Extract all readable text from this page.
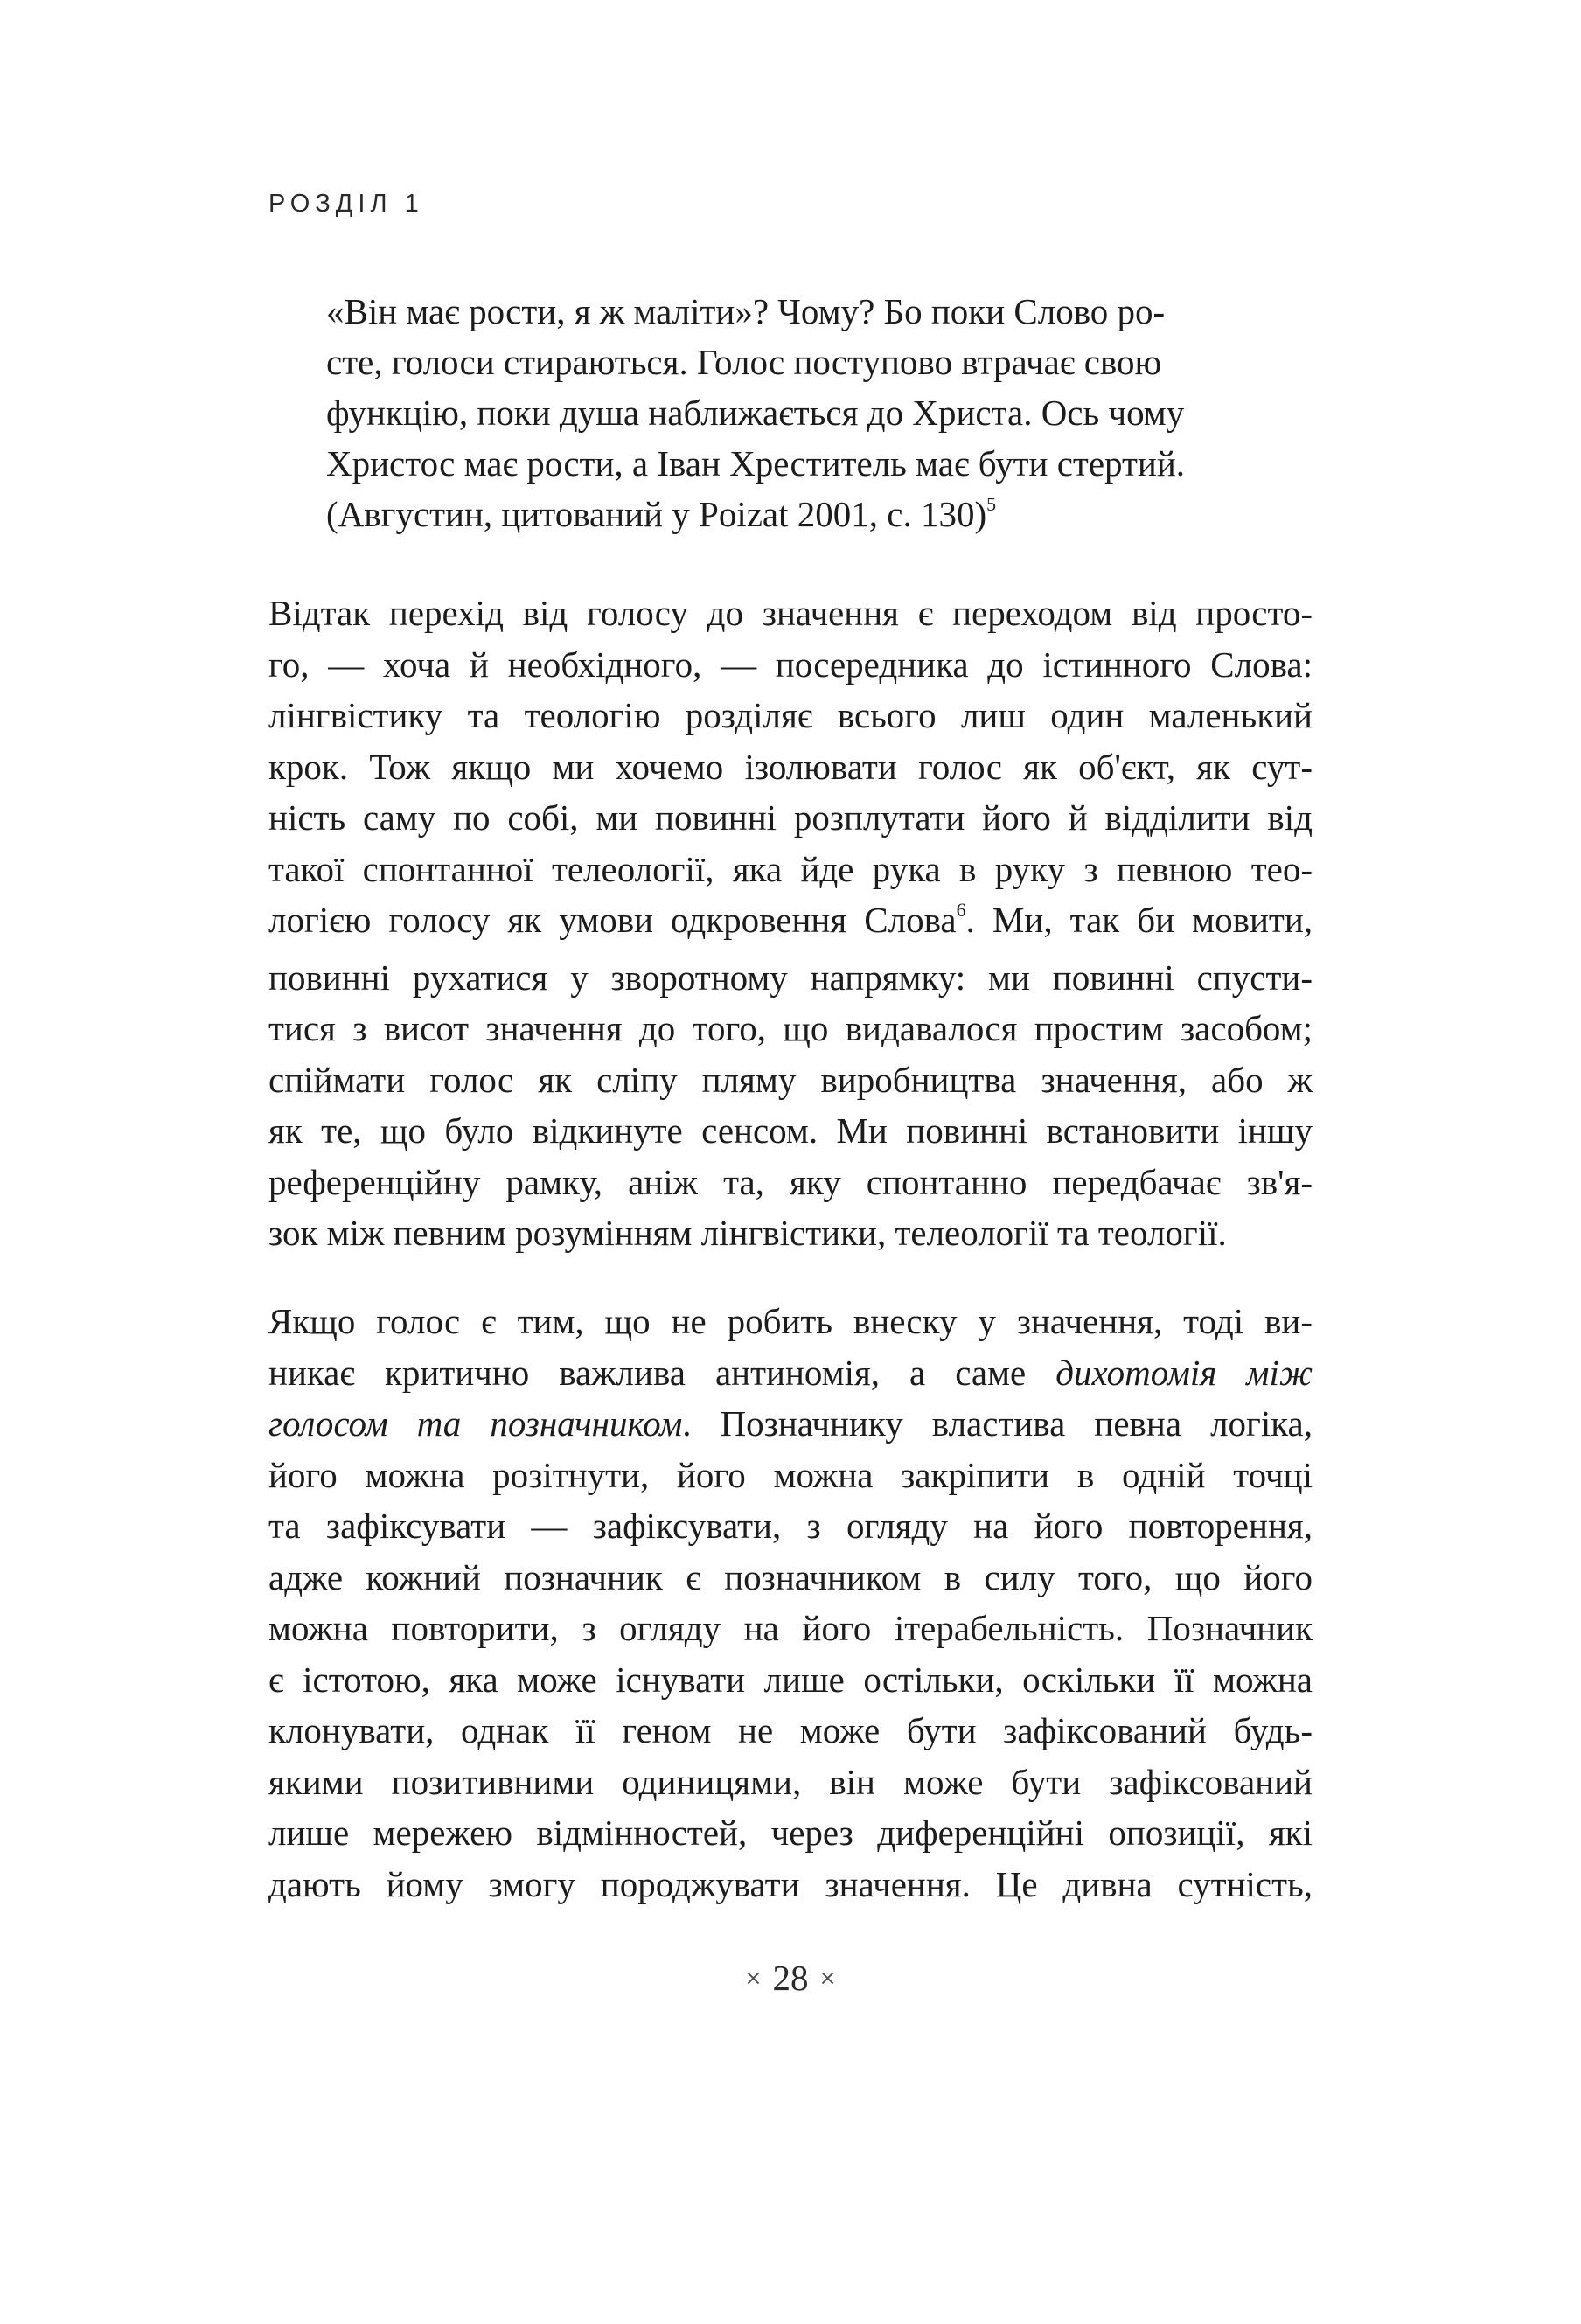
РОЗДІЛ 1
«Він має рости, я ж маліти»? Чому? Бо поки Слово ро-
сте, голоси стираються. Голос поступово втрачає свою
функцію, поки душа наближається до Христа. Ось чому
Христос має рости, а Іван Хреститель має бути стертий.
(Августин, цитований у Poizat 2001, с. 130)$^5$
Відтак перехід від голосу до значення є переходом від просто-
го, — хоча й необхідного, — посередника до істинного Слова:
лінгвістику та теологію розділяє всього лиш один маленький
крок. Тож якщо ми хочемо ізолювати голос як об'єкт, як сут-
ність саму по собі, ми повинні розплутати його й відділити від
такої спонтанної телеології, яка йде рука в руку з певною тео-
логією голосу як умови одкровення Слова$^6$. Ми, так би мовити,
повинні рухатися у зворотному напрямку: ми повинні спусти-
тися з висот значення до того, що видавалося простим засобом;
спіймати голос як сліпу пляму виробництва значення, або ж
як те, що було відкинуте сенсом. Ми повинні встановити іншу
референційну рамку, аніж та, яку спонтанно передбачає зв'я-
зок між певним розумінням лінгвістики, телеології та теології.
Якщо голос є тим, що не робить внеску у значення, тоді ви-
никає критично важлива антиномія, а саме дихотомія між
голосом та позначником. Позначнику властива певна логіка,
його можна розітнути, його можна закріпити в одній точці
та зафіксувати — зафіксувати, з огляду на його повторення,
адже кожний позначник є позначником в силу того, що його
можна повторити, з огляду на його ітерабельність. Позначник
є істотою, яка може існувати лише остільки, оскільки її можна
клонувати, однак її геном не може бути зафіксований будь-
якими позитивними одиницями, він може бути зафіксований
лише мережею відмінностей, через диференційні опозиції, які
дають йому змогу породжувати значення. Це дивна сутність,
× 28 ×
